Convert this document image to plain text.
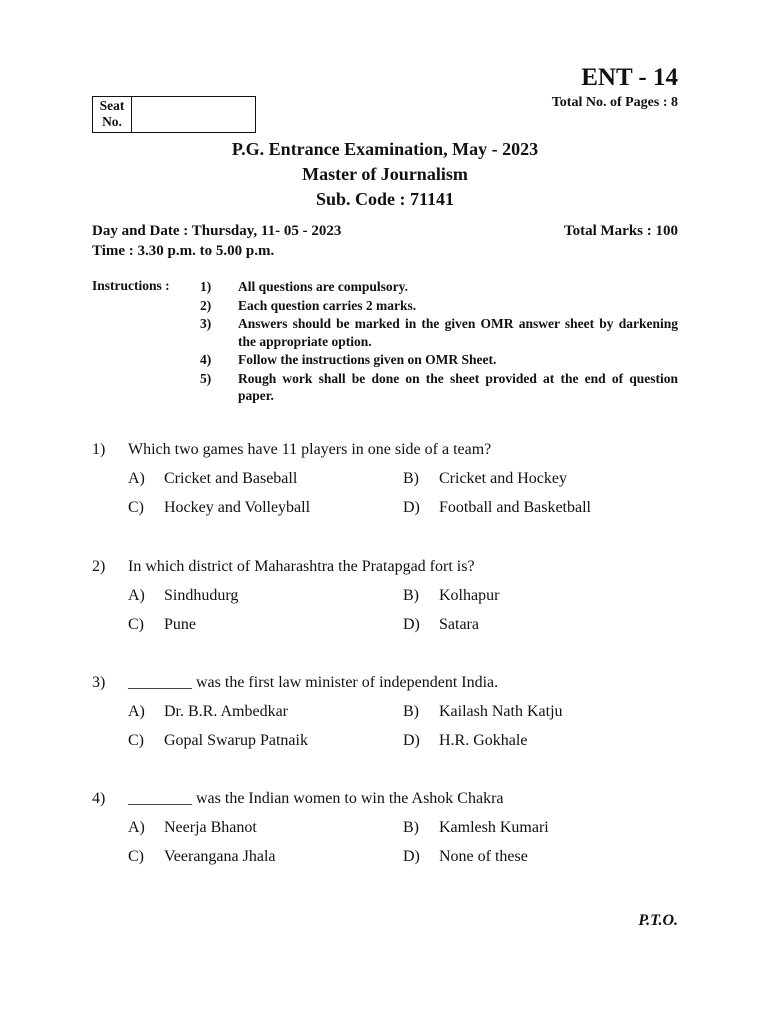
ENT - 14
Total No. of Pages : 8
Seat
No.
P.G. Entrance Examination, May - 2023
Master of Journalism
Sub. Code : 71141
Day and Date : Thursday, 11- 05 - 2023
Time : 3.30 p.m. to 5.00 p.m.
Total Marks : 100
Instructions : 1)	All questions are compulsory.
2)	Each question carries 2 marks.
3)	Answers should be marked in the given OMR answer sheet by darkening the appropriate option.
4)	Follow the instructions given on OMR Sheet.
5)	Rough work shall be done on the sheet provided at the end of question paper.
1)	Which two games have 11 players in one side of a team?
A)	Cricket and Baseball	B)	Cricket and Hockey
C)	Hockey and Volleyball	D)	Football and Basketball
2)	In which district of Maharashtra the Pratapgad fort is?
A)	Sindhudurg	B)	Kolhapur
C)	Pune	D)	Satara
3)	________ was the first law minister of independent India.
A)	Dr. B.R. Ambedkar	B)	Kailash Nath Katju
C)	Gopal Swarup Patnaik	D)	H.R. Gokhale
4)	________ was the Indian women to win the Ashok Chakra
A)	Neerja Bhanot	B)	Kamlesh Kumari
C)	Veerangana Jhala	D)	None of these
P.T.O.
